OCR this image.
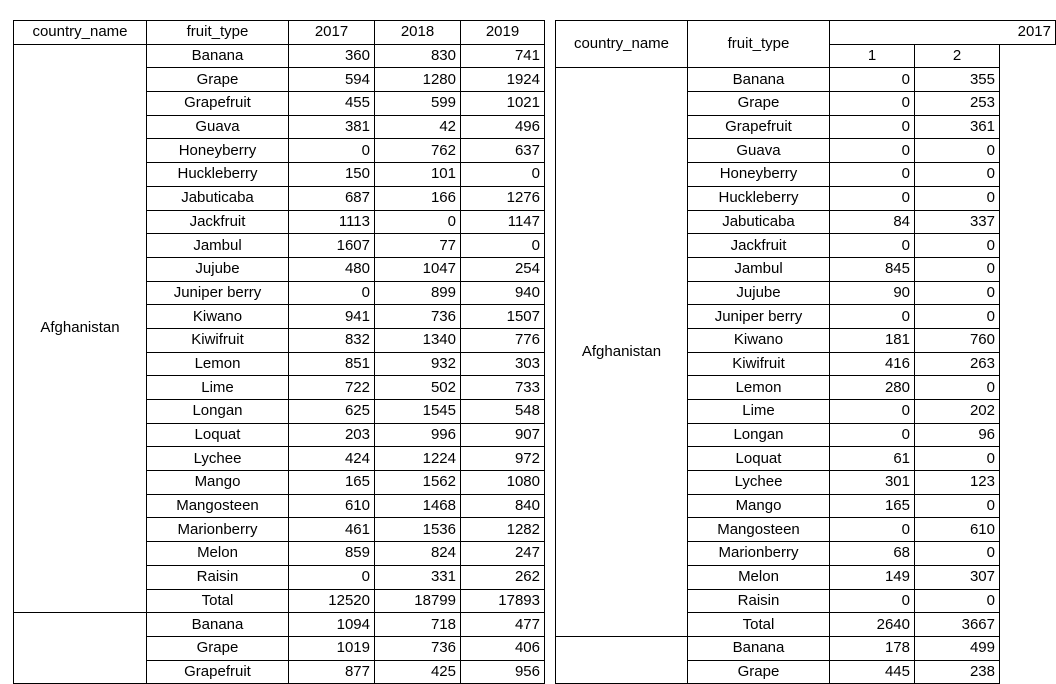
country_name	fruit_type	2017	2018	2019
Afghanistan	Banana	360	830	741
	Grape	594	1280	1924
	Grapefruit	455	599	1021
	Guava	381	42	496
	Honeyberry	0	762	637
	Huckleberry	150	101	0
	Jabuticaba	687	166	1276
	Jackfruit	1113	0	1147
	Jambul	1607	77	0
	Jujube	480	1047	254
	Juniper berry	0	899	940
	Kiwano	941	736	1507
	Kiwifruit	832	1340	776
	Lemon	851	932	303
	Lime	722	502	733
	Longan	625	1545	548
	Loquat	203	996	907
	Lychee	424	1224	972
	Mango	165	1562	1080
	Mangosteen	610	1468	840
	Marionberry	461	1536	1282
	Melon	859	824	247
	Raisin	0	331	262
	Total	12520	18799	17893
	Banana	1094	718	477
	Grape	1019	736	406
	Grapefruit	877	425	956
country_name	fruit_type	2017	
		1	2
Afghanistan	Banana	0	355
	Grape	0	253
	Grapefruit	0	361
	Guava	0	0
	Honeyberry	0	0
	Huckleberry	0	0
	Jabuticaba	84	337
	Jackfruit	0	0
	Jambul	845	0
	Jujube	90	0
	Juniper berry	0	0
	Kiwano	181	760
	Kiwifruit	416	263
	Lemon	280	0
	Lime	0	202
	Longan	0	96
	Loquat	61	0
	Lychee	301	123
	Mango	165	0
	Mangosteen	0	610
	Marionberry	68	0
	Melon	149	307
	Raisin	0	0
	Total	2640	3667
	Banana	178	499
	Grape	445	238
